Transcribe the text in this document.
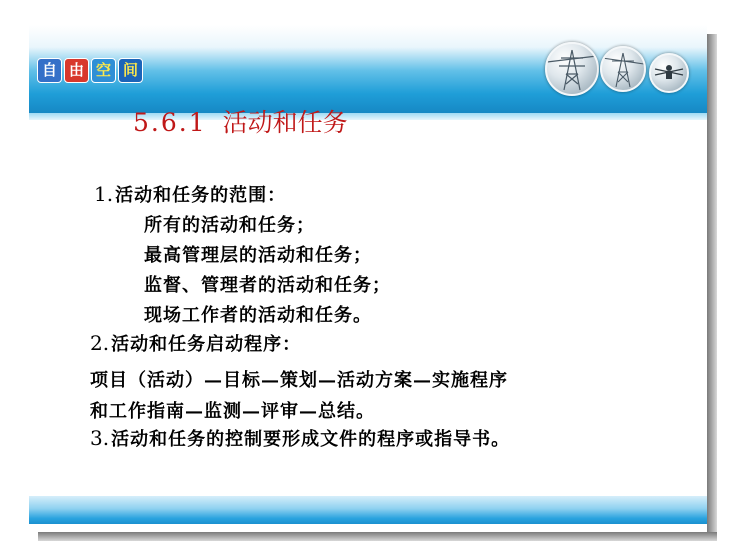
自 由 空 间
5.6.1 活动和任务
1. 活动和任务的范围：
所有的活动和任务；
最高管理层的活动和任务；
监督、管理者的活动和任务；
现场工作者的活动和任务。
2. 活动和任务启动程序：
项目（活动）—目标—策划—活动方案—实施程序
和工作指南—监测—评审—总结。
3. 活动和任务的控制要形成文件的程序或指导书。
